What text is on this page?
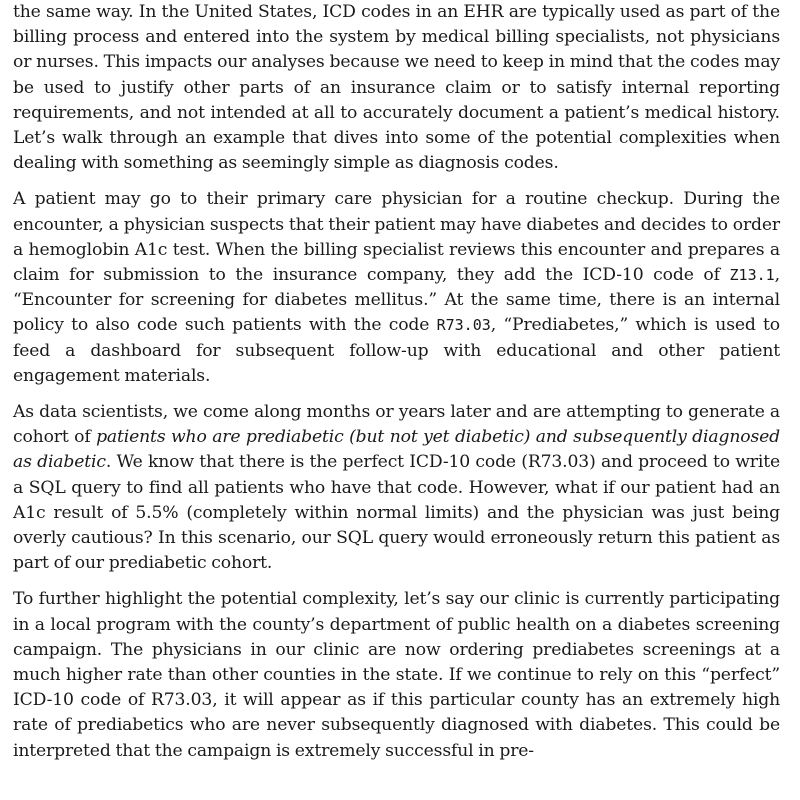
the same way. In the United States, ICD codes in an EHR are typically used as part of the billing process and entered into the system by medical billing specialists, not physicians or nurses. This impacts our analyses because we need to keep in mind that the codes may be used to justify other parts of an insurance claim or to satisfy internal reporting requirements, and not intended at all to accurately document a patient’s medical history. Let’s walk through an example that dives into some of the potential complexities when dealing with something as seemingly simple as diagnosis codes.

A patient may go to their primary care physician for a routine checkup. During the encounter, a physician suspects that their patient may have diabetes and decides to order a hemoglobin A1c test. When the billing specialist reviews this encounter and prepares a claim for submission to the insurance company, they add the ICD-10 code of Z13.1, “Encounter for screening for diabetes mellitus.” At the same time, there is an internal policy to also code such patients with the code R73.03, “Prediabetes,” which is used to feed a dashboard for subsequent follow-up with educational and other patient engagement materials.

As data scientists, we come along months or years later and are attempting to generate a cohort of patients who are prediabetic (but not yet diabetic) and subsequently diagnosed as diabetic. We know that there is the perfect ICD-10 code (R73.03) and proceed to write a SQL query to find all patients who have that code. However, what if our patient had an A1c result of 5.5% (completely within normal limits) and the physician was just being overly cautious? In this scenario, our SQL query would erroneously return this patient as part of our prediabetic cohort.

To further highlight the potential complexity, let’s say our clinic is currently participating in a local program with the county’s department of public health on a diabetes screening campaign. The physicians in our clinic are now ordering prediabetes screenings at a much higher rate than other counties in the state. If we continue to rely on this “perfect” ICD-10 code of R73.03, it will appear as if this particular county has an extremely high rate of prediabetics who are never subsequently diagnosed with diabetes. This could be interpreted that the campaign is extremely successful in pre-
